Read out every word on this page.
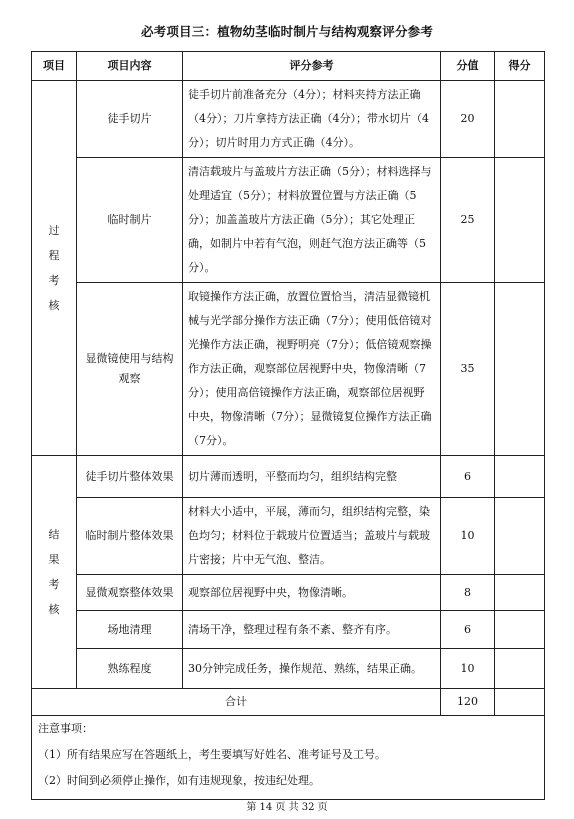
必考项目三：植物幼茎临时制片与结构观察评分参考
项目	项目内容	评分参考	分值	得分
过程考核	徒手切片	徒手切片前准备充分（4分）；材料夹持方法正确（4分）；刀片拿持方法正确（4分）；带水切片（4分）；切片时用力方式正确（4分）。	20	
	临时制片	清洁载玻片与盖玻片方法正确（5分）；材料选择与处理适宜（5分）；材料放置位置与方法正确（5分）；加盖盖玻片方法正确（5分）；其它处理正确，如制片中若有气泡，则赶气泡方法正确等（5分）。	25	
	显微镜使用与结构观察	取镜操作方法正确，放置位置恰当，清洁显微镜机械与光学部分操作方法正确（7分）；使用低倍镜对光操作方法正确，视野明亮（7分）；低倍镜观察操作方法正确，观察部位居视野中央，物像清晰（7分）；使用高倍镜操作方法正确，观察部位居视野中央，物像清晰（7分）；显微镜复位操作方法正确（7分）。	35	
结果考核	徒手切片整体效果	切片薄而透明，平整而均匀，组织结构完整	6	
	临时制片整体效果	材料大小适中，平展，薄而匀，组织结构完整，染色均匀；材料位于载玻片位置适当；盖玻片与载玻片密接；片中无气泡、整洁。	10	
	显微观察整体效果	观察部位居视野中央，物像清晰。	8	
	场地清理	清场干净，整理过程有条不紊、整齐有序。	6	
	熟练程度	30分钟完成任务，操作规范、熟练，结果正确。	10	
合计			120	

注意事项：
（1）所有结果应写在答题纸上，考生要填写好姓名、准考证号及工号。
（2）时间到必须停止操作，如有违规现象，按违纪处理。				
第 14 页 共 32 页
